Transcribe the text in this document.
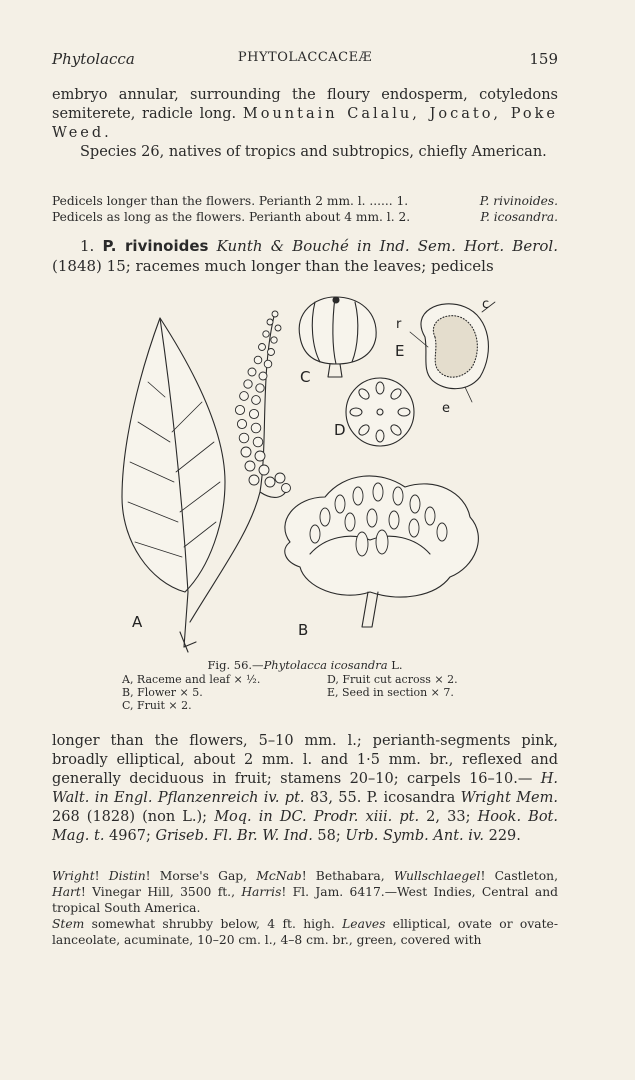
Phytolacca	PHYTOLACCACEÆ	159

embryo annular, surrounding the floury endosperm, cotyledons semiterete, radicle long. Mountain Calalu, Jocato, Poke Weed.

Species 26, natives of tropics and subtropics, chiefly American.

Pedicels longer than the flowers. Perianth 2 mm. l. ...... 1.	P. rivinoides.
Pedicels as long as the flowers. Perianth about 4 mm. l. 2.	P. icosandra.
1. P. rivinoides Kunth & Bouché in Ind. Sem. Hort. Berol. (1848) 15; racemes much longer than the leaves; pedicels
A	B
C
D
E
r
c
e
Fig. 56.—Phytolacca icosandra L.
A, Raceme and leaf × ½.
B, Flower × 5.
C, Fruit × 2.
D, Fruit cut across × 2.
E, Seed in section × 7.

longer than the flowers, 5–10 mm. l.; perianth-segments pink, broadly elliptical, about 2 mm. l. and 1·5 mm. br., reflexed and generally deciduous in fruit; stamens 20–10; carpels 16–10.— H. Walt. in Engl. Pflanzenreich iv. pt. 83, 55. P. icosandra Wright Mem. 268 (1828) (non L.); Moq. in DC. Prodr. xiii. pt. 2, 33; Hook. Bot. Mag. t. 4967; Griseb. Fl. Br. W. Ind. 58; Urb. Symb. Ant. iv. 229.

Wright! Distin! Morse's Gap, McNab! Bethabara, Wullschlaegel! Castleton, Hart! Vinegar Hill, 3500 ft., Harris! Fl. Jam. 6417.—West Indies, Central and tropical South America.

Stem somewhat shrubby below, 4 ft. high. Leaves elliptical, ovate or ovate-lanceolate, acuminate, 10–20 cm. l., 4–8 cm. br., green, covered with
